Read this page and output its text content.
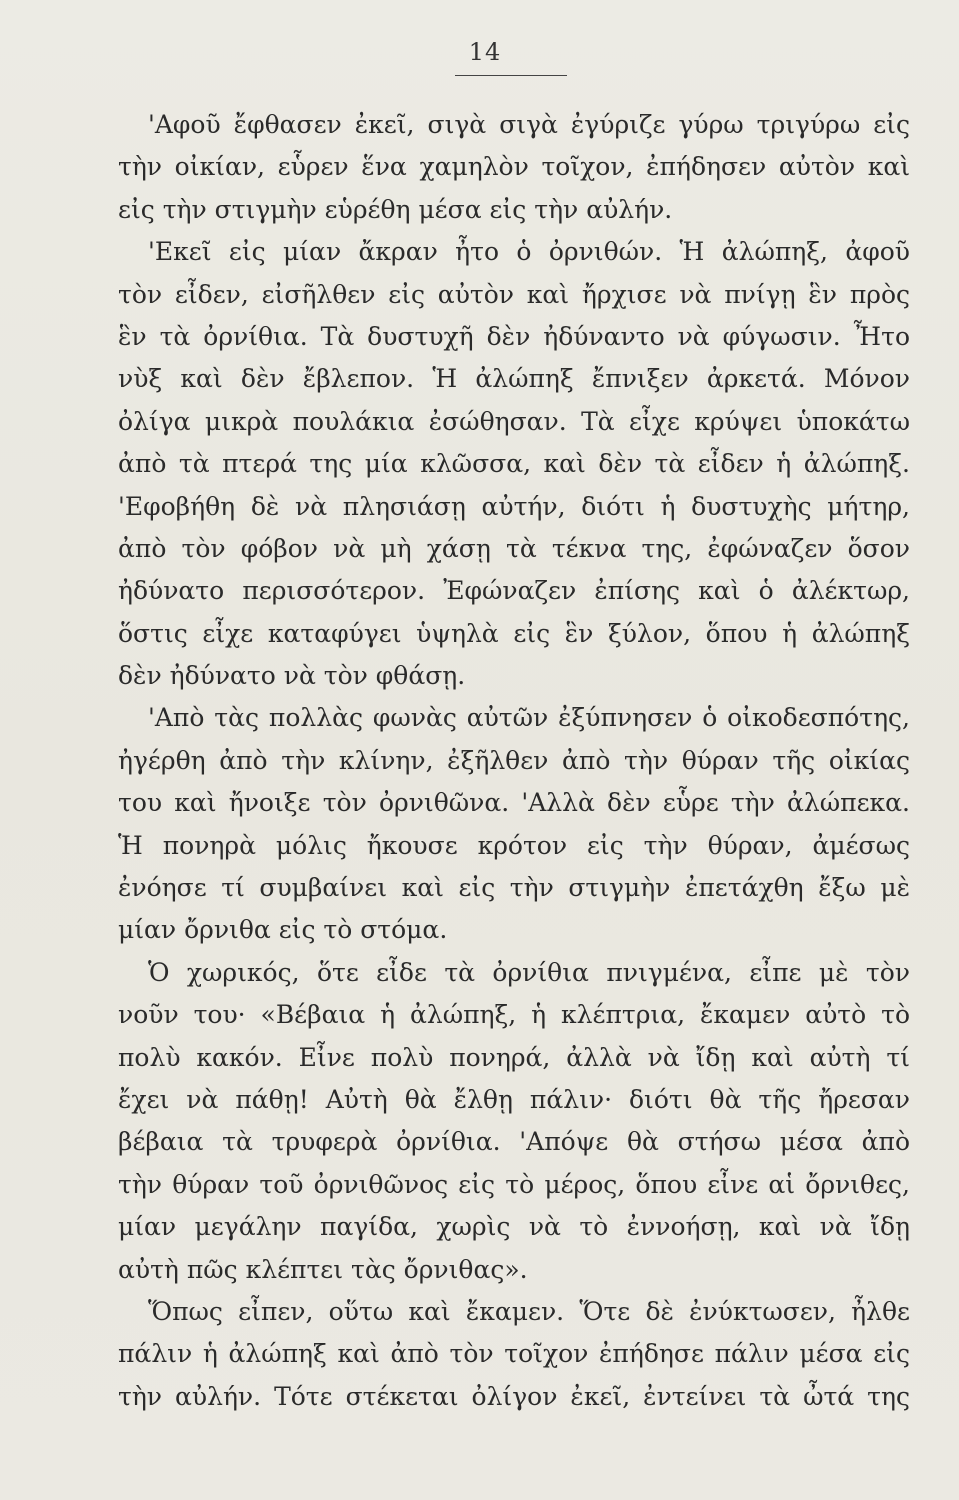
14
'Αφοῦ ἔφθασεν ἐκεῖ, σιγὰ σιγὰ ἐγύριζε γύρω τριγύρω εἰς
τὴν οἰκίαν, εὗρεν ἕνα χαμηλὸν τοῖχον, ἐπήδησεν αὐτὸν καὶ
εἰς τὴν στιγμὴν εὑρέθη μέσα εἰς τὴν αὐλήν.
'Εκεῖ εἰς μίαν ἄκραν ἦτο ὁ ὀρνιθών. Ἡ ἀλώπηξ, ἀφοῦ
τὸν εἶδεν, εἰσῆλθεν εἰς αὐτὸν καὶ ἤρχισε νὰ πνίγῃ ἓν πρὸς
ἓν τὰ ὀρνίθια. Τὰ δυστυχῆ δὲν ἠδύναντο νὰ φύγωσιν. Ἦτο
νὺξ καὶ δὲν ἔβλεπον. Ἡ ἀλώπηξ ἔπνιξεν ἀρκετά. Μόνον
ὀλίγα μικρὰ πουλάκια ἐσώθησαν. Τὰ εἶχε κρύψει ὑποκάτω
ἀπὸ τὰ πτερά της μία κλῶσσα, καὶ δὲν τὰ εἶδεν ἡ ἀλώπηξ.
'Εφοβήθη δὲ νὰ πλησιάσῃ αὐτήν, διότι ἡ δυστυχὴς μήτηρ,
ἀπὸ τὸν φόβον νὰ μὴ χάσῃ τὰ τέκνα της, ἐφώναζεν ὅσον
ἠδύνατο περισσότερον. Ἐφώναζεν ἐπίσης καὶ ὁ ἀλέκτωρ,
ὅστις εἶχε καταφύγει ὑψηλὰ εἰς ἓν ξύλον, ὅπου ἡ ἀλώπηξ
δὲν ἠδύνατο νὰ τὸν φθάσῃ.
'Απὸ τὰς πολλὰς φωνὰς αὐτῶν ἐξύπνησεν ὁ οἰκοδεσπότης,
ἠγέρθη ἀπὸ τὴν κλίνην, ἐξῆλθεν ἀπὸ τὴν θύραν τῆς οἰκίας
του καὶ ἤνοιξε τὸν ὀρνιθῶνα. 'Αλλὰ δὲν εὗρε τὴν ἀλώπεκα.
Ἡ πονηρὰ μόλις ἤκουσε κρότον εἰς τὴν θύραν, ἀμέσως
ἐνόησε τί συμβαίνει καὶ εἰς τὴν στιγμὴν ἐπετάχθη ἔξω μὲ
μίαν ὄρνιθα εἰς τὸ στόμα.
Ὁ χωρικός, ὅτε εἶδε τὰ ὀρνίθια πνιγμένα, εἶπε μὲ τὸν
νοῦν του· «Βέβαια ἡ ἀλώπηξ, ἡ κλέπτρια, ἔκαμεν αὐτὸ τὸ
πολὺ κακόν. Εἶνε πολὺ πονηρά, ἀλλὰ νὰ ἴδῃ καὶ αὐτὴ τί
ἔχει νὰ πάθῃ! Αὐτὴ θὰ ἔλθῃ πάλιν· διότι θὰ τῆς ἤρεσαν
βέβαια τὰ τρυφερὰ ὀρνίθια. 'Απόψε θὰ στήσω μέσα ἀπὸ
τὴν θύραν τοῦ ὀρνιθῶνος εἰς τὸ μέρος, ὅπου εἶνε αἱ ὄρνιθες,
μίαν μεγάλην παγίδα, χωρὶς νὰ τὸ ἐννοήσῃ, καὶ νὰ ἴδῃ
αὐτὴ πῶς κλέπτει τὰς ὄρνιθας».
Ὅπως εἶπεν, οὕτω καὶ ἔκαμεν. Ὅτε δὲ ἐνύκτωσεν, ἦλθε
πάλιν ἡ ἀλώπηξ καὶ ἀπὸ τὸν τοῖχον ἐπήδησε πάλιν μέσα εἰς
τὴν αὐλήν. Τότε στέκεται ὀλίγον ἐκεῖ, ἐντείνει τὰ ὦτά της
